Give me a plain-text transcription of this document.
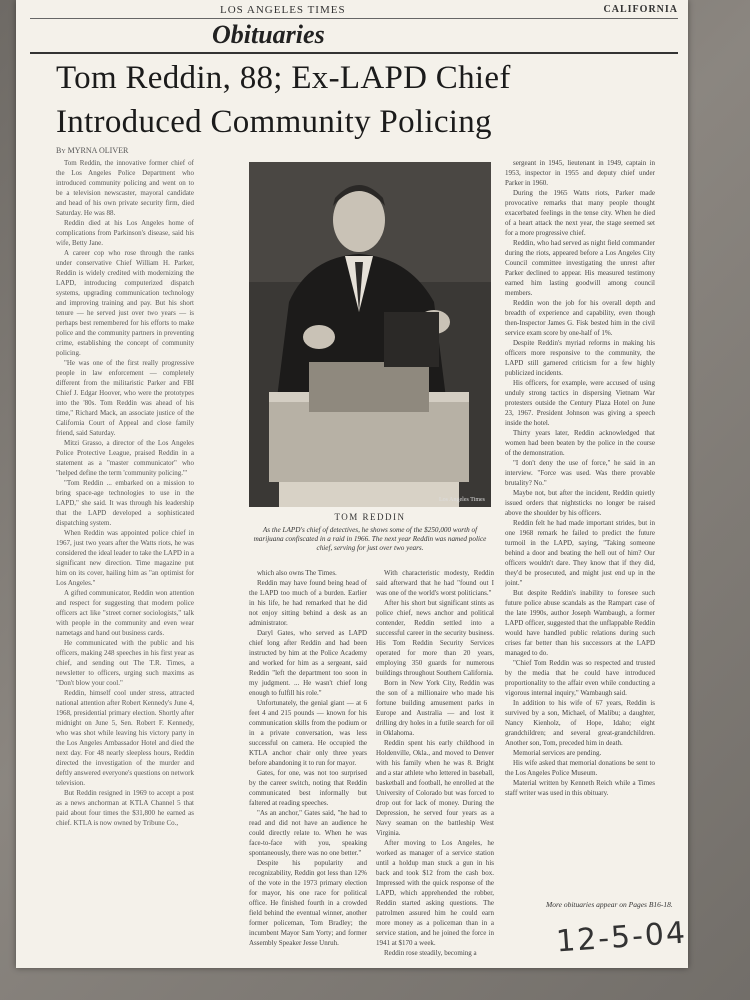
LOS ANGELES TIMES	CALIFORNIA
Obituaries
Tom Reddin, 88; Ex-LAPD Chief
Introduced Community Policing
By MYRNA OLIVER
Los Angeles Times
TOM REDDIN
As the LAPD's chief of detectives, he shows some of the $250,000 worth of marijuana confiscated in a raid in 1966. The next year Reddin was named police chief, serving for just over two years.

Tom Reddin, the innovative former chief of the Los Angeles Police Department who introduced community policing and went on to be a television newscaster, mayoral candidate and head of his own private security firm, died Saturday. He was 88.

Reddin died at his Los Angeles home of complications from Parkinson's disease, said his wife, Betty Jane.

A career cop who rose through the ranks under conservative Chief William H. Parker, Reddin is widely credited with modernizing the LAPD, introducing computerized dispatch systems, upgrading communication technology and improving training and pay. But his short tenure — he served just over two years — is perhaps best remembered for his efforts to make police and the community partners in preventing crime, establishing the concept of community policing.

"He was one of the first really progressive people in law enforcement — completely different from the militaristic Parker and FBI Chief J. Edgar Hoover, who were the prototypes into the '80s. Tom Reddin was ahead of his time," Richard Mack, an associate justice of the California Court of Appeal and close family friend, said Saturday.

Mitzi Grasso, a director of the Los Angeles Police Protective League, praised Reddin in a statement as a "master communicator" who "helped define the term 'community policing.'"

"Tom Reddin ... embarked on a mission to bring space-age technologies to use in the LAPD," she said. It was through his leadership that the LAPD developed a sophisticated dispatching system.

When Reddin was appointed police chief in 1967, just two years after the Watts riots, he was considered the ideal leader to take the LAPD in a significant new direction. Time magazine put him on its cover, hailing him as "an optimist for Los Angeles."

A gifted communicator, Reddin won attention and respect for suggesting that modern police officers act like "street corner sociologists," talk with people in the community and even wear nametags and hand out business cards.

He communicated with the public and his officers, making 248 speeches in his first year as chief, and sending out The T.R. Times, a newsletter to officers, urging such maxims as "Don't blow your cool."

Reddin, himself cool under stress, attracted national attention after Robert Kennedy's June 4, 1968, presidential primary election. Shortly after midnight on June 5, Sen. Robert F. Kennedy, who was shot while leaving his victory party in the Los Angeles Ambassador Hotel and died the next day. For 48 nearly sleepless hours, Reddin directed the investigation of the murder and deftly answered everyone's questions on network television.

But Reddin resigned in 1969 to accept a post as a news anchorman at KTLA Channel 5 that paid about four times the $31,800 he earned as chief. KTLA is now owned by Tribune Co.,

which also owns The Times.

Reddin may have found being head of the LAPD too much of a burden. Earlier in his life, he had remarked that he did not enjoy sitting behind a desk as an administrator.

Daryl Gates, who served as LAPD chief long after Reddin and had been instructed by him at the Police Academy and worked for him as a sergeant, said Reddin "left the department too soon in my judgment. ... He wasn't chief long enough to fulfill his role."

Unfortunately, the genial giant — at 6 feet 4 and 215 pounds — known for his communication skills from the podium or in a private conversation, was less successful on camera. He occupied the KTLA anchor chair only three years before abandoning it to run for mayor.

Gates, for one, was not too surprised by the career switch, noting that Reddin communicated best informally but faltered at reading speeches.

"As an anchor," Gates said, "he had to read and did not have an audience he could directly relate to. When he was face-to-face with you, speaking spontaneously, there was no one better."

Despite his popularity and recognizability, Reddin got less than 12% of the vote in the 1973 primary election for mayor, his one race for political office. He finished fourth in a crowded field behind the eventual winner, another former policeman, Tom Bradley; the incumbent Mayor Sam Yorty; and former Assembly Speaker Jesse Unruh.

With characteristic modesty, Reddin said afterward that he had "found out I was one of the world's worst politicians."

After his short but significant stints as police chief, news anchor and political contender, Reddin settled into a successful career in the security business. His Tom Reddin Security Services operated for more than 20 years, employing 350 guards for numerous buildings throughout Southern California.

Born in New York City, Reddin was the son of a millionaire who made his fortune building amusement parks in Europe and Australia — and lost it drilling dry holes in a futile search for oil in Oklahoma.

Reddin spent his early childhood in Holdenville, Okla., and moved to Denver with his family when he was 8. Bright and a star athlete who lettered in baseball, basketball and football, he enrolled at the University of Colorado but was forced to drop out for lack of money. During the Depression, he served four years as a Navy seaman on the battleship West Virginia.

After moving to Los Angeles, he worked as manager of a service station until a holdup man stuck a gun in his back and took $12 from the cash box. Impressed with the quick response of the LAPD, which apprehended the robber, Reddin started asking questions. The patrolmen assured him he could earn more money as a policeman than in a service station, and he joined the force in 1941 at $170 a week.

Reddin rose steadily, becoming a

sergeant in 1945, lieutenant in 1949, captain in 1953, inspector in 1955 and deputy chief under Parker in 1960.

During the 1965 Watts riots, Parker made provocative remarks that many people thought exacerbated feelings in the tense city. When he died of a heart attack the next year, the stage seemed set for a more progressive chief.

Reddin, who had served as night field commander during the riots, appeared before a Los Angeles City Council committee investigating the unrest after Parker declined to appear. His measured testimony earned him lasting goodwill among council members.

Reddin won the job for his overall depth and breadth of experience and capability, even though then-Inspector James G. Fisk bested him in the civil service exam score by one-half of 1%.

Despite Reddin's myriad reforms in making his officers more responsive to the community, the LAPD still garnered criticism for a few highly publicized incidents.

His officers, for example, were accused of using unduly strong tactics in dispersing Vietnam War protesters outside the Century Plaza Hotel on June 23, 1967. President Johnson was giving a speech inside the hotel.

Thirty years later, Reddin acknowledged that women had been beaten by the police in the course of the demonstration.

"I don't deny the use of force," he said in an interview. "Force was used. Was there provable brutality? No."

Maybe not, but after the incident, Reddin quietly issued orders that nightsticks no longer be raised above the shoulder by his officers.

Reddin felt he had made important strides, but in one 1968 remark he failed to predict the future turmoil in the LAPD, saying, "Taking someone behind a door and beating the hell out of him? Our officers wouldn't dare. They know that if they did, they'd be prosecuted, and might just end up in the joint."

But despite Reddin's inability to foresee such future police abuse scandals as the Rampart case of the late 1990s, author Joseph Wambaugh, a former LAPD officer, suggested that the unflappable Reddin would have handled public relations during such crises far better than his successors at the LAPD managed to do.

"Chief Tom Reddin was so respected and trusted by the media that he could have introduced proportionality to the affair even while conducting a vigorous internal inquiry," Wambaugh said.

In addition to his wife of 67 years, Reddin is survived by a son, Michael, of Malibu; a daughter, Nancy Kienholz, of Hope, Idaho; eight grandchildren; and several great-grandchildren. Another son, Tom, preceded him in death.

Memorial services are pending.

His wife asked that memorial donations be sent to the Los Angeles Police Museum.

Material written by Kenneth Reich while a Times staff writer was used in this obituary.

More obituaries appear on Pages B16-18.
12-5-04
